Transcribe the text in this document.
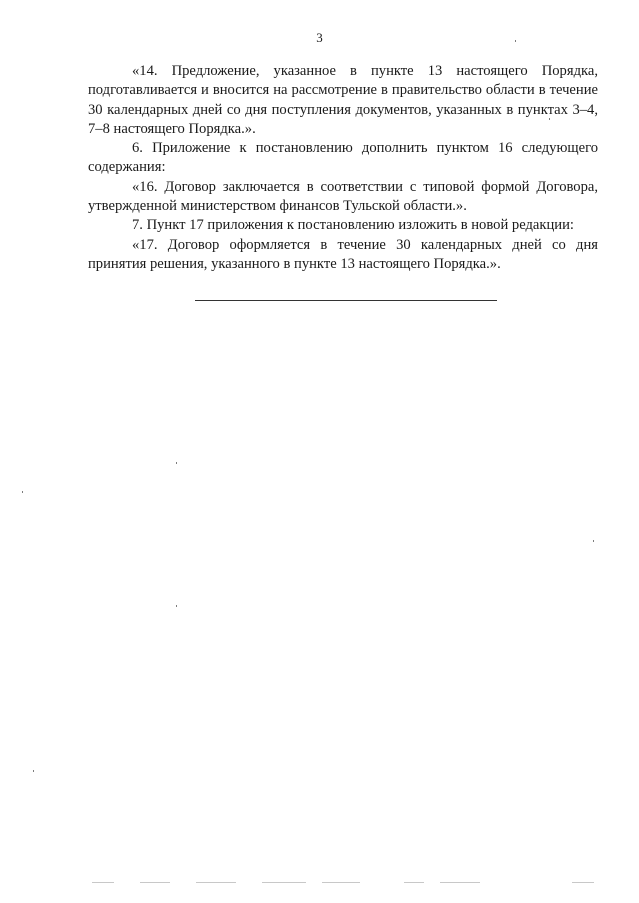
3

«14. Предложение, указанное в пункте 13 настоящего Порядка, подготавливается и вносится на рассмотрение в правительство области в течение 30 календарных дней со дня поступления документов, указанных в пунктах 3–4, 7–8 настоящего Порядка.».

6. Приложение к постановлению дополнить пунктом 16 следующего содержания:

«16. Договор заключается в соответствии с типовой формой Договора, утвержденной министерством финансов Тульской области.».

7. Пункт 17 приложения к постановлению изложить в новой редакции:

«17. Договор оформляется в течение 30 календарных дней со дня принятия решения, указанного в пункте 13 настоящего Порядка.».
